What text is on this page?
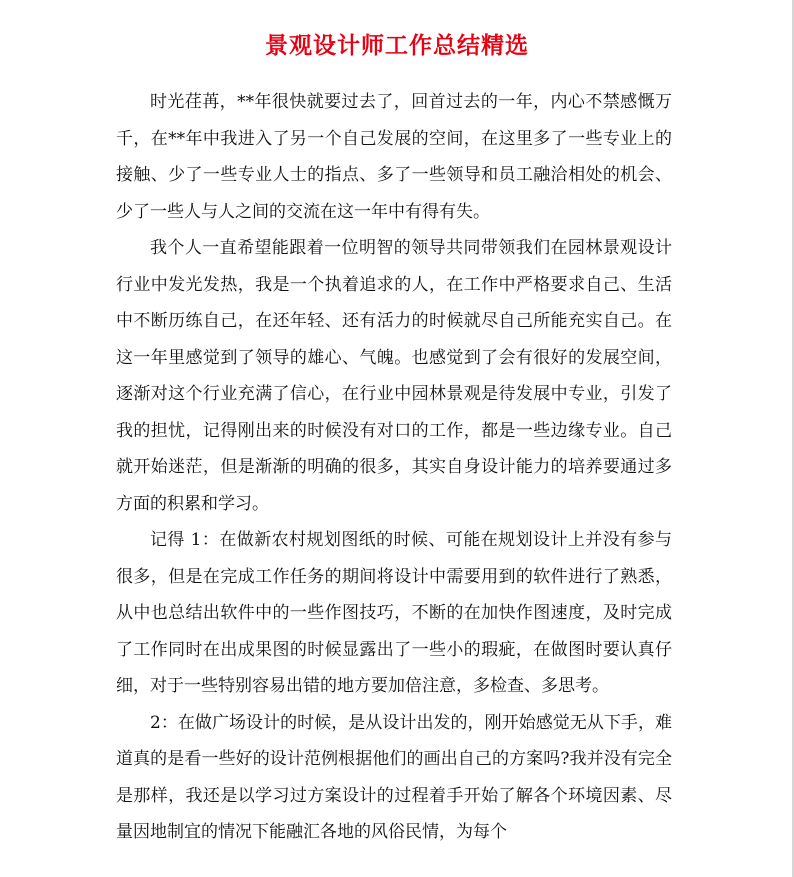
景观设计师工作总结精选

时光荏苒，**年很快就要过去了，回首过去的一年，内心不禁感慨万千，在**年中我进入了另一个自己发展的空间，在这里多了一些专业上的接触、少了一些专业人士的指点、多了一些领导和员工融洽相处的机会、少了一些人与人之间的交流在这一年中有得有失。

我个人一直希望能跟着一位明智的领导共同带领我们在园林景观设计行业中发光发热，我是一个执着追求的人，在工作中严格要求自己、生活中不断历练自己，在还年轻、还有活力的时候就尽自己所能充实自己。在这一年里感觉到了领导的雄心、气魄。也感觉到了会有很好的发展空间，逐渐对这个行业充满了信心，在行业中园林景观是待发展中专业，引发了我的担忧，记得刚出来的时候没有对口的工作，都是一些边缘专业。自己就开始迷茫，但是渐渐的明确的很多，其实自身设计能力的培养要通过多方面的积累和学习。

记得 1：在做新农村规划图纸的时候、可能在规划设计上并没有参与很多，但是在完成工作任务的期间将设计中需要用到的软件进行了熟悉，从中也总结出软件中的一些作图技巧，不断的在加快作图速度，及时完成了工作同时在出成果图的时候显露出了一些小的瑕疵，在做图时要认真仔细，对于一些特别容易出错的地方要加倍注意，多检查、多思考。

2：在做广场设计的时候，是从设计出发的，刚开始感觉无从下手，难道真的是看一些好的设计范例根据他们的画出自己的方案吗?我并没有完全是那样，我还是以学习过方案设计的过程着手开始了解各个环境因素、尽量因地制宜的情况下能融汇各地的风俗民情，为每个
